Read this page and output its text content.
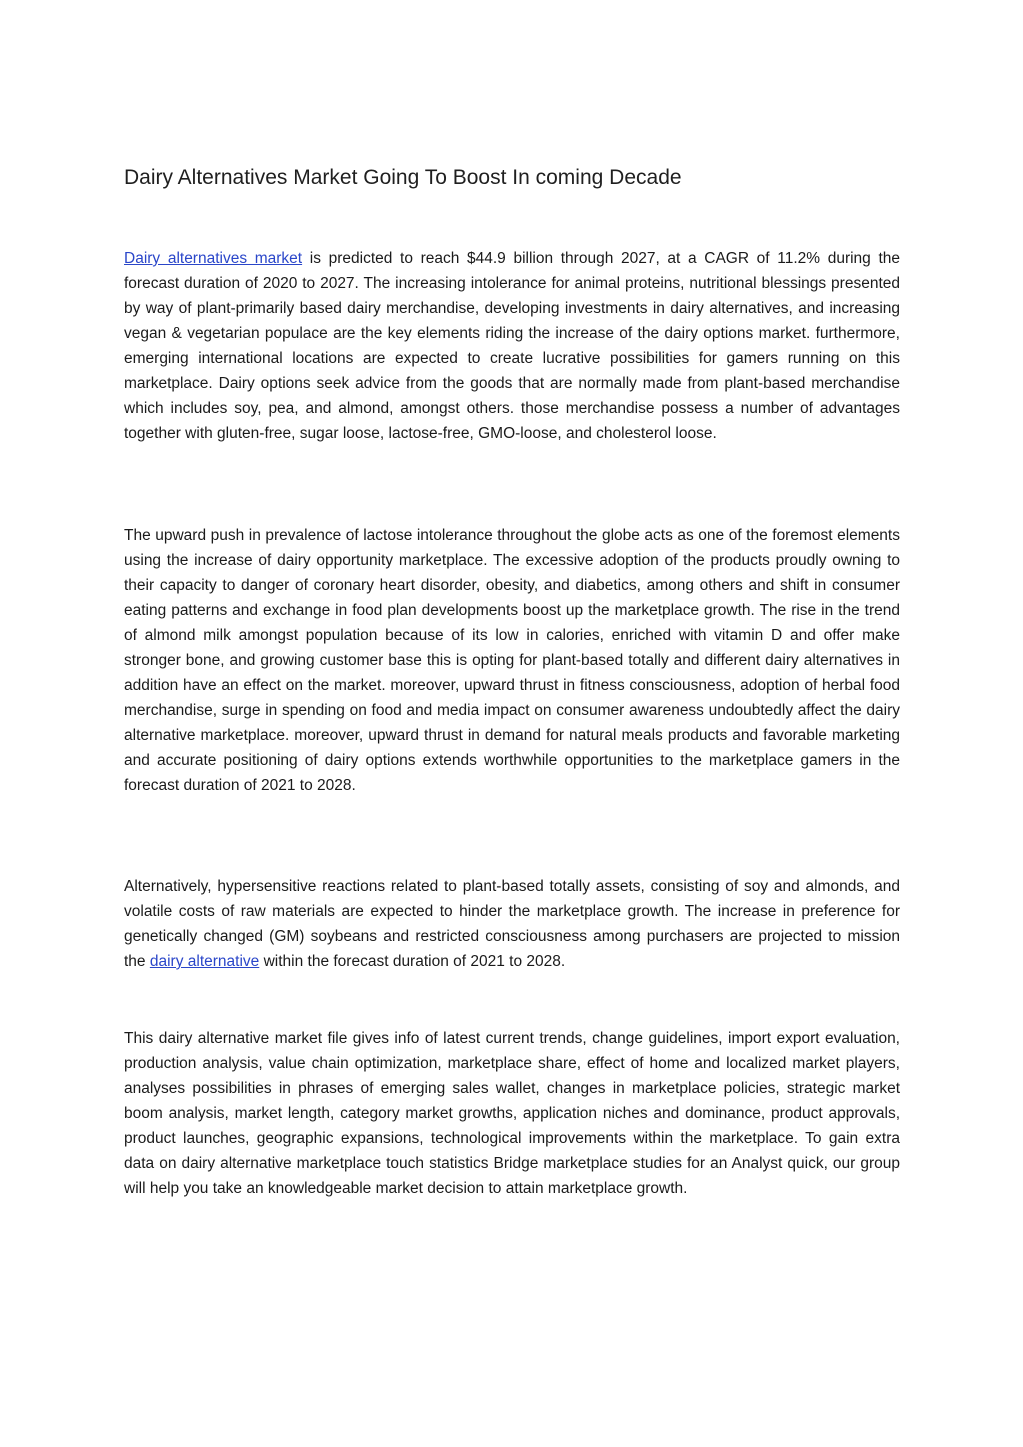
Dairy Alternatives Market Going To Boost In coming Decade

Dairy alternatives market is predicted to reach $44.9 billion through 2027, at a CAGR of 11.2% during the forecast duration of 2020 to 2027. The increasing intolerance for animal proteins, nutritional blessings presented by way of plant-primarily based dairy merchandise, developing investments in dairy alternatives, and increasing vegan & vegetarian populace are the key elements riding the increase of the dairy options market. furthermore, emerging international locations are expected to create lucrative possibilities for gamers running on this marketplace. Dairy options seek advice from the goods that are normally made from plant-based merchandise which includes soy, pea, and almond, amongst others. those merchandise possess a number of advantages together with gluten-free, sugar loose, lactose-free, GMO-loose, and cholesterol loose.

The upward push in prevalence of lactose intolerance throughout the globe acts as one of the foremost elements using the increase of dairy opportunity marketplace. The excessive adoption of the products proudly owning to their capacity to danger of coronary heart disorder, obesity, and diabetics, among others and shift in consumer eating patterns and exchange in food plan developments boost up the marketplace growth. The rise in the trend of almond milk amongst population because of its low in calories, enriched with vitamin D and offer make stronger bone, and growing customer base this is opting for plant-based totally and different dairy alternatives in addition have an effect on the market. moreover, upward thrust in fitness consciousness, adoption of herbal food merchandise, surge in spending on food and media impact on consumer awareness undoubtedly affect the dairy alternative marketplace. moreover, upward thrust in demand for natural meals products and favorable marketing and accurate positioning of dairy options extends worthwhile opportunities to the marketplace gamers in the forecast duration of 2021 to 2028.

Alternatively, hypersensitive reactions related to plant-based totally assets, consisting of soy and almonds, and volatile costs of raw materials are expected to hinder the marketplace growth. The increase in preference for genetically changed (GM) soybeans and restricted consciousness among purchasers are projected to mission the dairy alternative within the forecast duration of 2021 to 2028.

This dairy alternative market file gives info of latest current trends, change guidelines, import export evaluation, production analysis, value chain optimization, marketplace share, effect of home and localized market players, analyses possibilities in phrases of emerging sales wallet, changes in marketplace policies, strategic market boom analysis, market length, category market growths, application niches and dominance, product approvals, product launches, geographic expansions, technological improvements within the marketplace. To gain extra data on dairy alternative marketplace touch statistics Bridge marketplace studies for an Analyst quick, our group will help you take an knowledgeable market decision to attain marketplace growth.
